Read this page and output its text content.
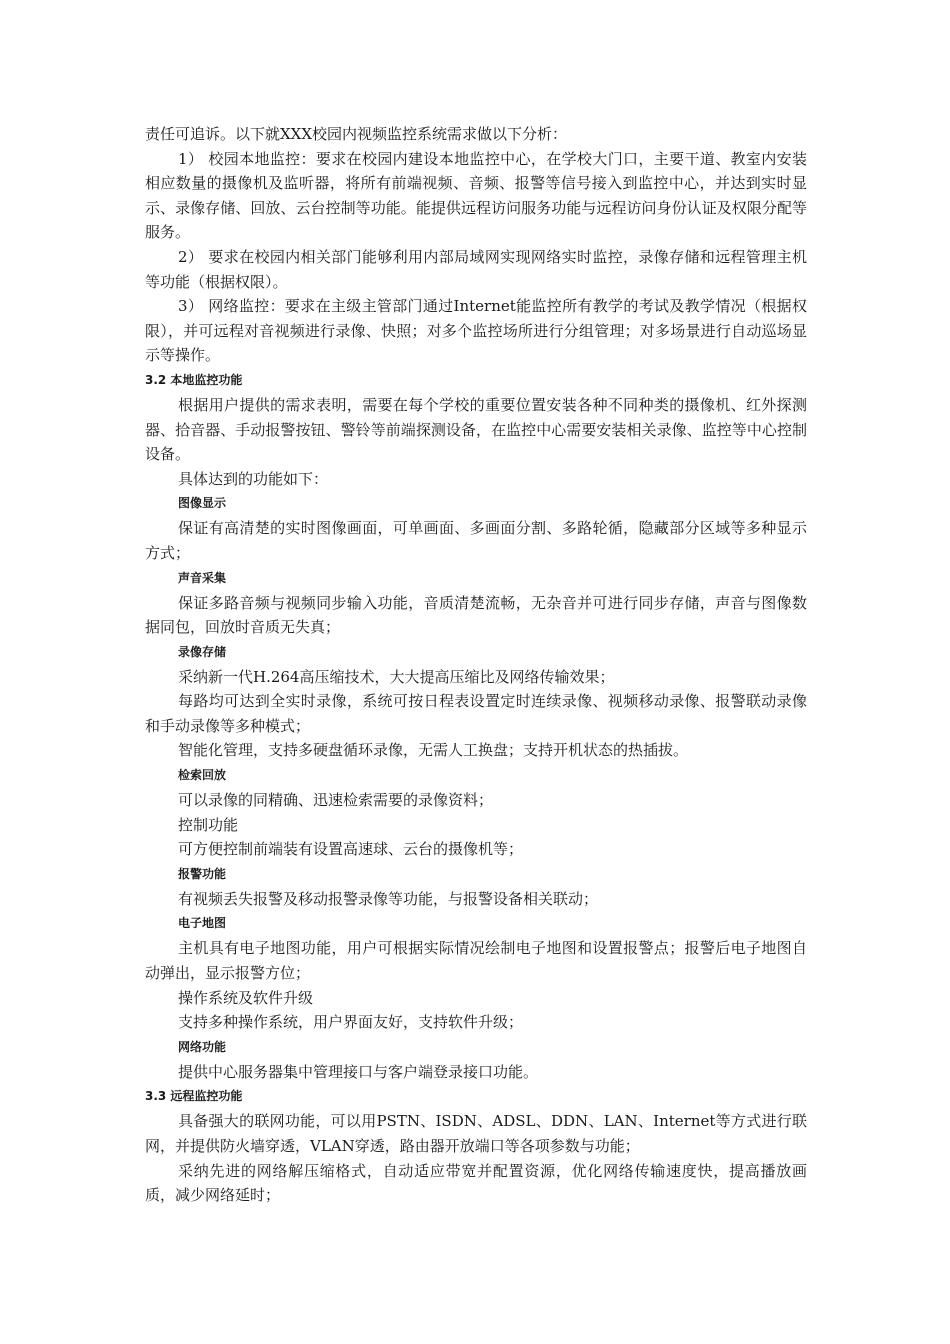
责任可追诉。以下就XXX校园内视频监控系统需求做以下分析：
1） 校园本地监控：要求在校园内建设本地监控中心，在学校大门口，主要干道、教室内安装相应数量的摄像机及监听器，将所有前端视频、音频、报警等信号接入到监控中心，并达到实时显示、录像存储、回放、云台控制等功能。能提供远程访问服务功能与远程访问身份认证及权限分配等服务。
2） 要求在校园内相关部门能够利用内部局域网实现网络实时监控，录像存储和远程管理主机等功能（根据权限）。
3） 网络监控：要求在主级主管部门通过Internet能监控所有教学的考试及教学情况（根据权限），并可远程对音视频进行录像、快照；对多个监控场所进行分组管理；对多场景进行自动巡场显示等操作。
3.2 本地监控功能
根据用户提供的需求表明，需要在每个学校的重要位置安装各种不同种类的摄像机、红外探测器、拾音器、手动报警按钮、警铃等前端探测设备，在监控中心需要安装相关录像、监控等中心控制设备。
具体达到的功能如下：
图像显示
保证有高清楚的实时图像画面，可单画面、多画面分割、多路轮循，隐藏部分区域等多种显示方式；
声音采集
保证多路音频与视频同步输入功能，音质清楚流畅，无杂音并可进行同步存储，声音与图像数据同包，回放时音质无失真；
录像存储
采纳新一代H.264高压缩技术，大大提高压缩比及网络传输效果；
每路均可达到全实时录像，系统可按日程表设置定时连续录像、视频移动录像、报警联动录像和手动录像等多种模式；
智能化管理，支持多硬盘循环录像，无需人工换盘；支持开机状态的热插拔。
检索回放
可以录像的同精确、迅速检索需要的录像资料；
控制功能
可方便控制前端装有设置高速球、云台的摄像机等；
报警功能
有视频丢失报警及移动报警录像等功能，与报警设备相关联动；
电子地图
主机具有电子地图功能，用户可根据实际情况绘制电子地图和设置报警点；报警后电子地图自动弹出，显示报警方位；
操作系统及软件升级
支持多种操作系统，用户界面友好，支持软件升级；
网络功能
提供中心服务器集中管理接口与客户端登录接口功能。
3.3 远程监控功能
具备强大的联网功能，可以用PSTN、ISDN、ADSL、DDN、LAN、Internet等方式进行联网，并提供防火墙穿透，VLAN穿透，路由器开放端口等各项参数与功能；
采纳先进的网络解压缩格式，自动适应带宽并配置资源，优化网络传输速度快，提高播放画质，减少网络延时；
